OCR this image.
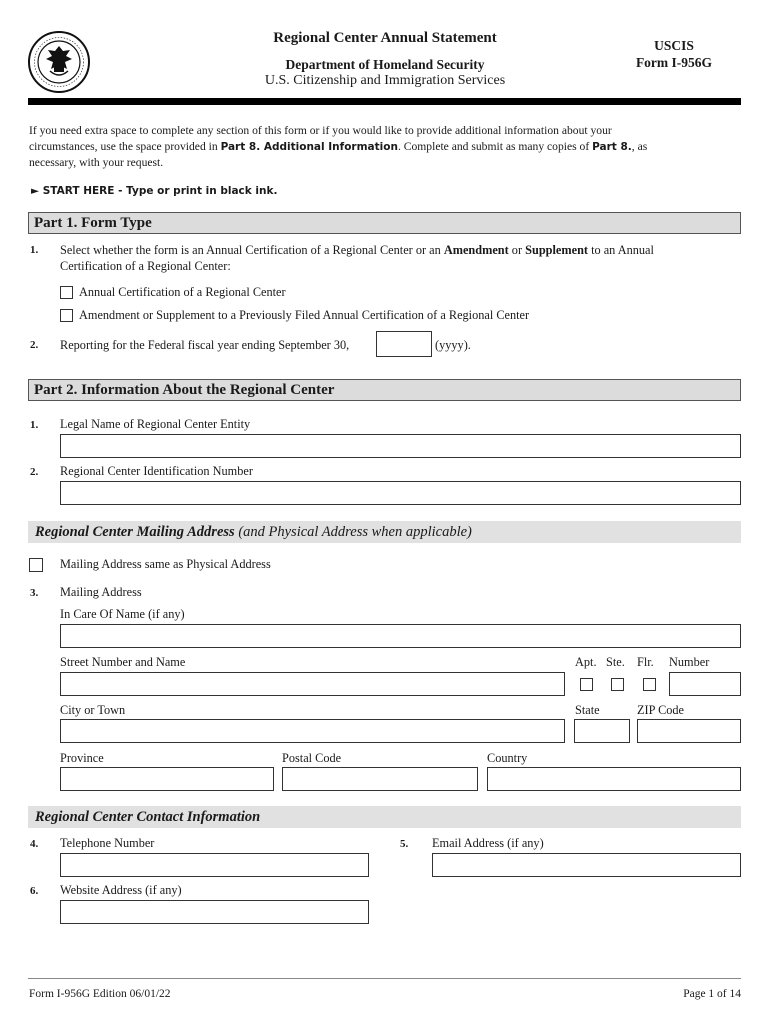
Regional Center Annual Statement
Department of Homeland Security
U.S. Citizenship and Immigration Services
USCIS
Form I-956G
If you need extra space to complete any section of this form or if you would like to provide additional information about your
circumstances, use the space provided in Part 8. Additional Information. Complete and submit as many copies of Part 8., as
necessary, with your request.
► START HERE - Type or print in black ink.
Part 1. Form Type
1. Select whether the form is an Annual Certification of a Regional Center or an Amendment or Supplement to an Annual
Certification of a Regional Center:
Annual Certification of a Regional Center
Amendment or Supplement to a Previously Filed Annual Certification of a Regional Center
2. Reporting for the Federal fiscal year ending September 30,	(yyyy).
Part 2. Information About the Regional Center
1. Legal Name of Regional Center Entity
2. Regional Center Identification Number
Regional Center Mailing Address (and Physical Address when applicable)
Mailing Address same as Physical Address
3. Mailing Address
In Care Of Name (if any)
Street Number and Name	Apt. Ste. Flr. Number
City or Town	State	ZIP Code
Province	Postal Code	Country
Regional Center Contact Information
4. Telephone Number	5. Email Address (if any)
6. Website Address (if any)
Form I-956G Edition 06/01/22	Page 1 of 14
